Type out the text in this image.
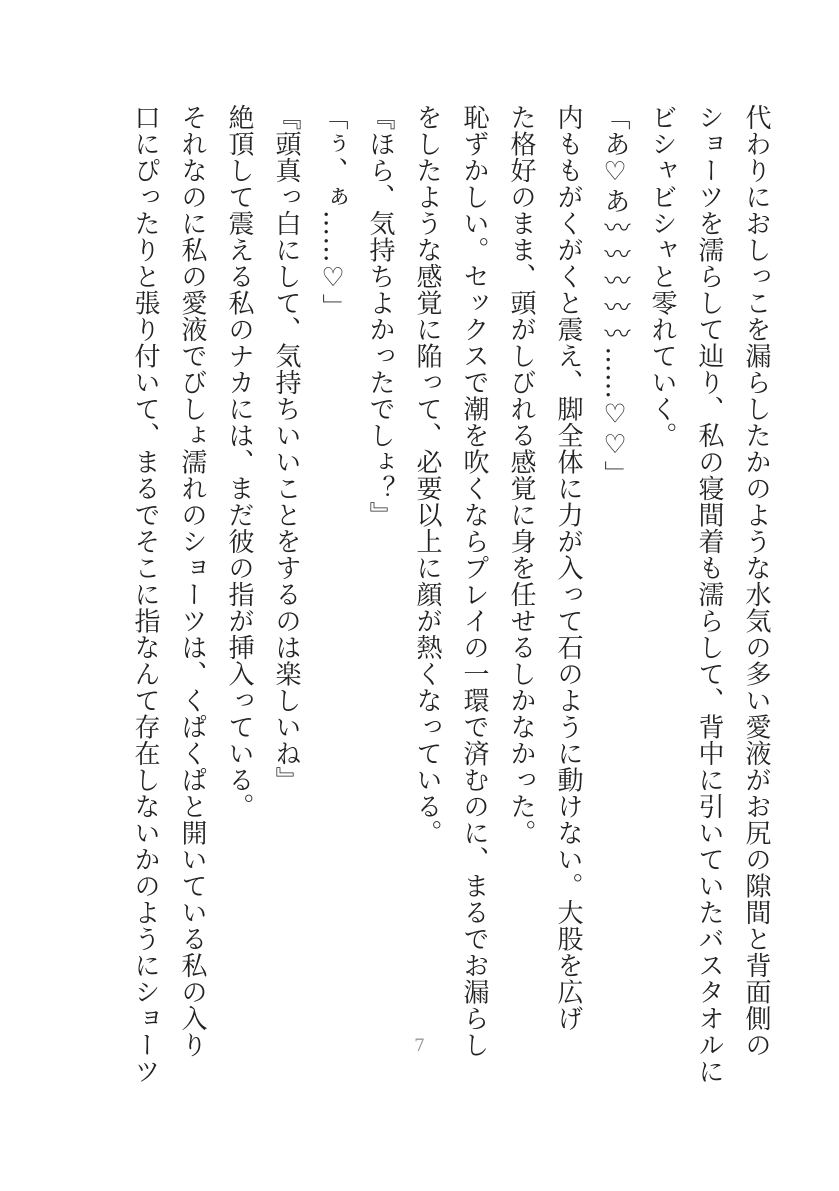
代わりにおしっこを漏らしたかのような水気の多い愛液がお尻の隙間と背面側の
ショーツを濡らして辿り、私の寝間着も濡らして、背中に引いていたバスタオルに
ビシャビシャと零れていく。
「あ♡あ〰〰〰〰〰……♡♡」
内ももがくがくと震え、脚全体に力が入って石のように動けない。大股を広げ
た格好のまま、頭がしびれる感覚に身を任せるしかなかった。
恥ずかしい。セックスで潮を吹くならプレイの一環で済むのに、まるでお漏らし
をしたような感覚に陥って、必要以上に顔が熱くなっている。
『ほら、気持ちよかったでしょ？』
「ぅ、ぁ……♡」
『頭真っ白にして、気持ちいいことをするのは楽しいね』
絶頂して震える私のナカには、まだ彼の指が挿入っている。
それなのに私の愛液でびしょ濡れのショーツは、くぱくぱと開いている私の入り
口にぴったりと張り付いて、まるでそこに指なんて存在しないかのようにショーツ	7
